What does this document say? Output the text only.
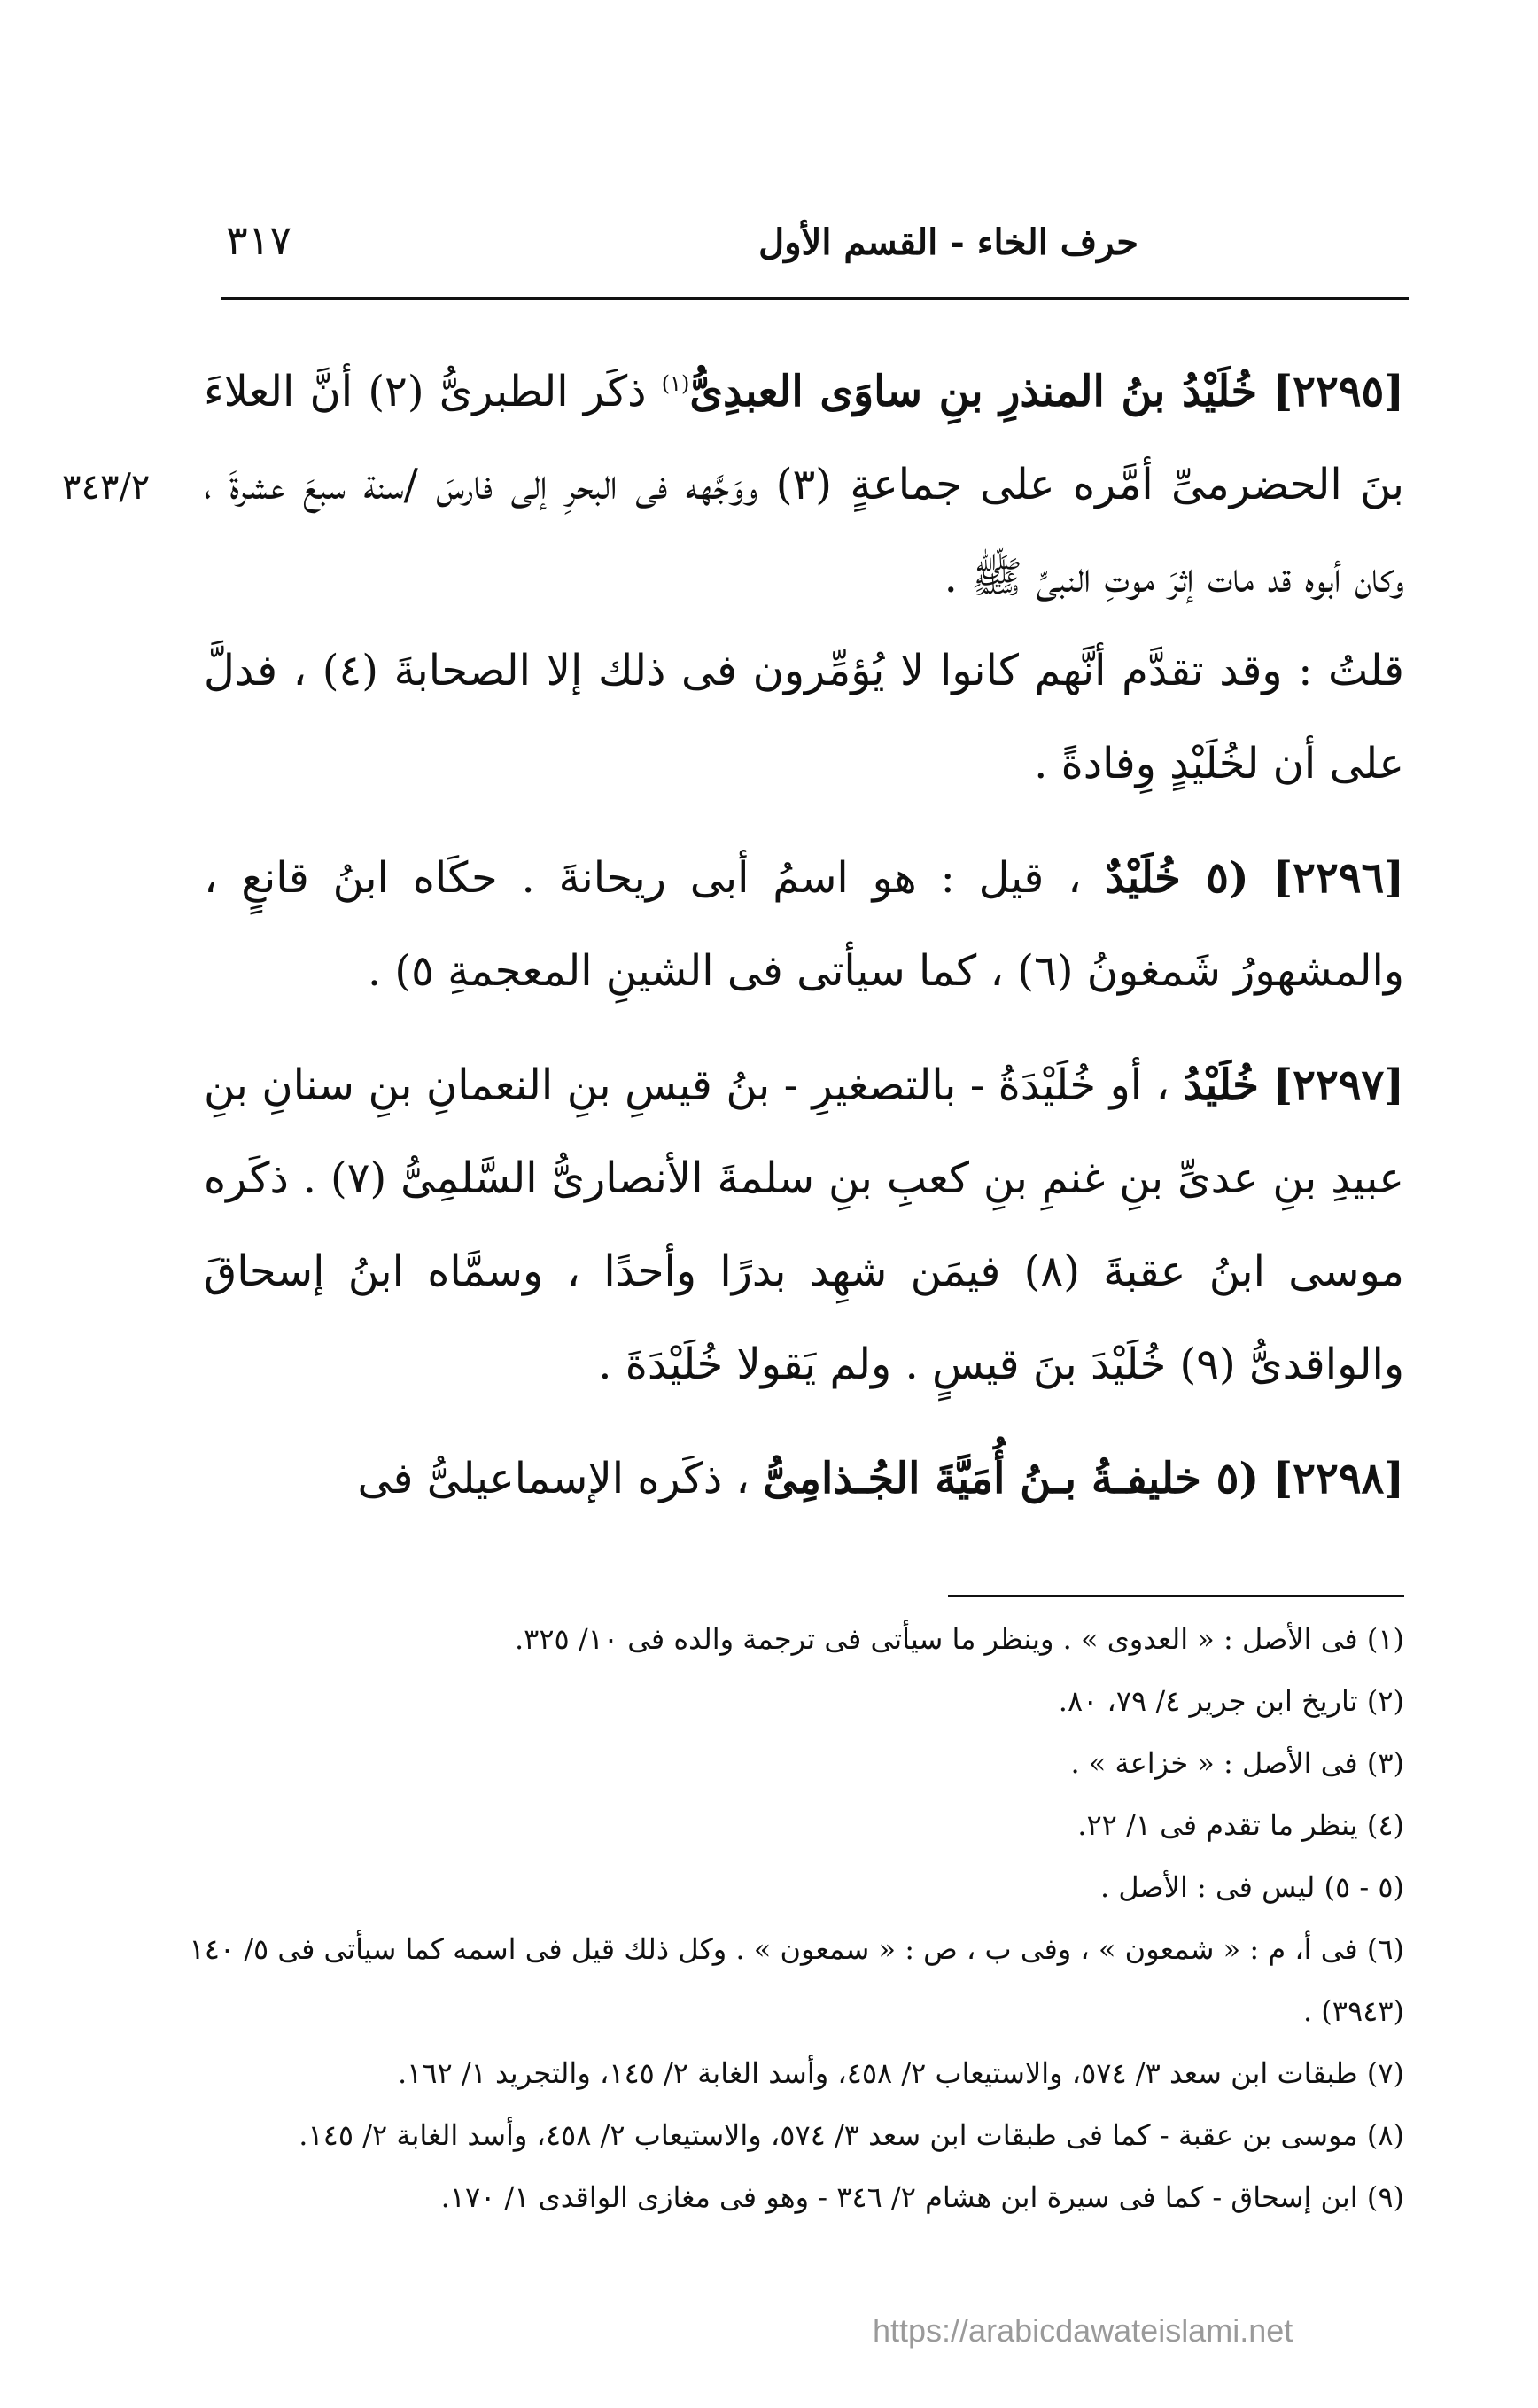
حرف الخاء - القسم الأول
٣١٧
٣٤٣/٢

[٢٢٩٥] خُلَيْدُ بنُ المنذرِ بنِ ساوَى العبدِىُّ$^{(١)}$ ذكَر الطبرىُّ (٢) أنَّ العلاءَ بنَ الحضرمىِّ أمَّره على جماعةٍ (٣) ووَجَّهه فى البحرِ إلى فارسَ /سنة سبعَ عشرةَ ، وكان أبوه قد مات إثرَ موتِ النبىِّ ﷺ .

قلتُ : وقد تقدَّم أنَّهم كانوا لا يُؤمِّرون فى ذلك إلا الصحابةَ (٤) ، فدلَّ على أن لخُلَيْدٍ وِفادةً .

[٢٢٩٦] (٥ خُلَيْدٌ ، قيل : هو اسمُ أبى ريحانةَ . حكَاه ابنُ قانعٍ ، والمشهورُ شَمغونُ (٦) ، كما سيأتى فى الشينِ المعجمةِ ٥) .

[٢٢٩٧] خُلَيْدُ ، أو خُلَيْدَةُ - بالتصغيرِ - بنُ قيسِ بنِ النعمانِ بنِ سنانِ بنِ عبيدِ بنِ عدىِّ بنِ غنمِ بنِ كعبِ بنِ سلمةَ الأنصارىُّ السَّلمِىُّ (٧) . ذكَره موسى ابنُ عقبةَ (٨) فيمَن شهِد بدرًا وأحدًا ، وسمَّاه ابنُ إسحاقَ والواقدىُّ (٩) خُلَيْدَ بنَ قيسٍ . ولم يَقولا خُلَيْدَةَ .

[٢٢٩٨] (٥ خليفـةُ بـنُ أُمَيَّةَ الجُـذامِىُّ ، ذكَره الإسماعيلىُّ فى

(١) فى الأصل : « العدوى » . وينظر ما سيأتى فى ترجمة والده فى ١٠/ ٣٢٥.

(٢) تاريخ ابن جرير ٤/ ٧٩، ٨٠.

(٣) فى الأصل : « خزاعة » .

(٤) ينظر ما تقدم فى ١/ ٢٢.

(٥ - ٥) ليس فى : الأصل .

(٦) فى أ، م : « شمعون » ، وفى ب ، ص : « سمعون » . وكل ذلك قيل فى اسمه كما سيأتى فى ٥/ ١٤٠ (٣٩٤٣) .

(٧) طبقات ابن سعد ٣/ ٥٧٤، والاستيعاب ٢/ ٤٥٨، وأسد الغابة ٢/ ١٤٥، والتجريد ١/ ١٦٢.

(٨) موسى بن عقبة - كما فى طبقات ابن سعد ٣/ ٥٧٤، والاستيعاب ٢/ ٤٥٨، وأسد الغابة ٢/ ١٤٥.

(٩) ابن إسحاق - كما فى سيرة ابن هشام ٢/ ٣٤٦ - وهو فى مغازى الواقدى ١/ ١٧٠.

https://arabicdawateislami.net
